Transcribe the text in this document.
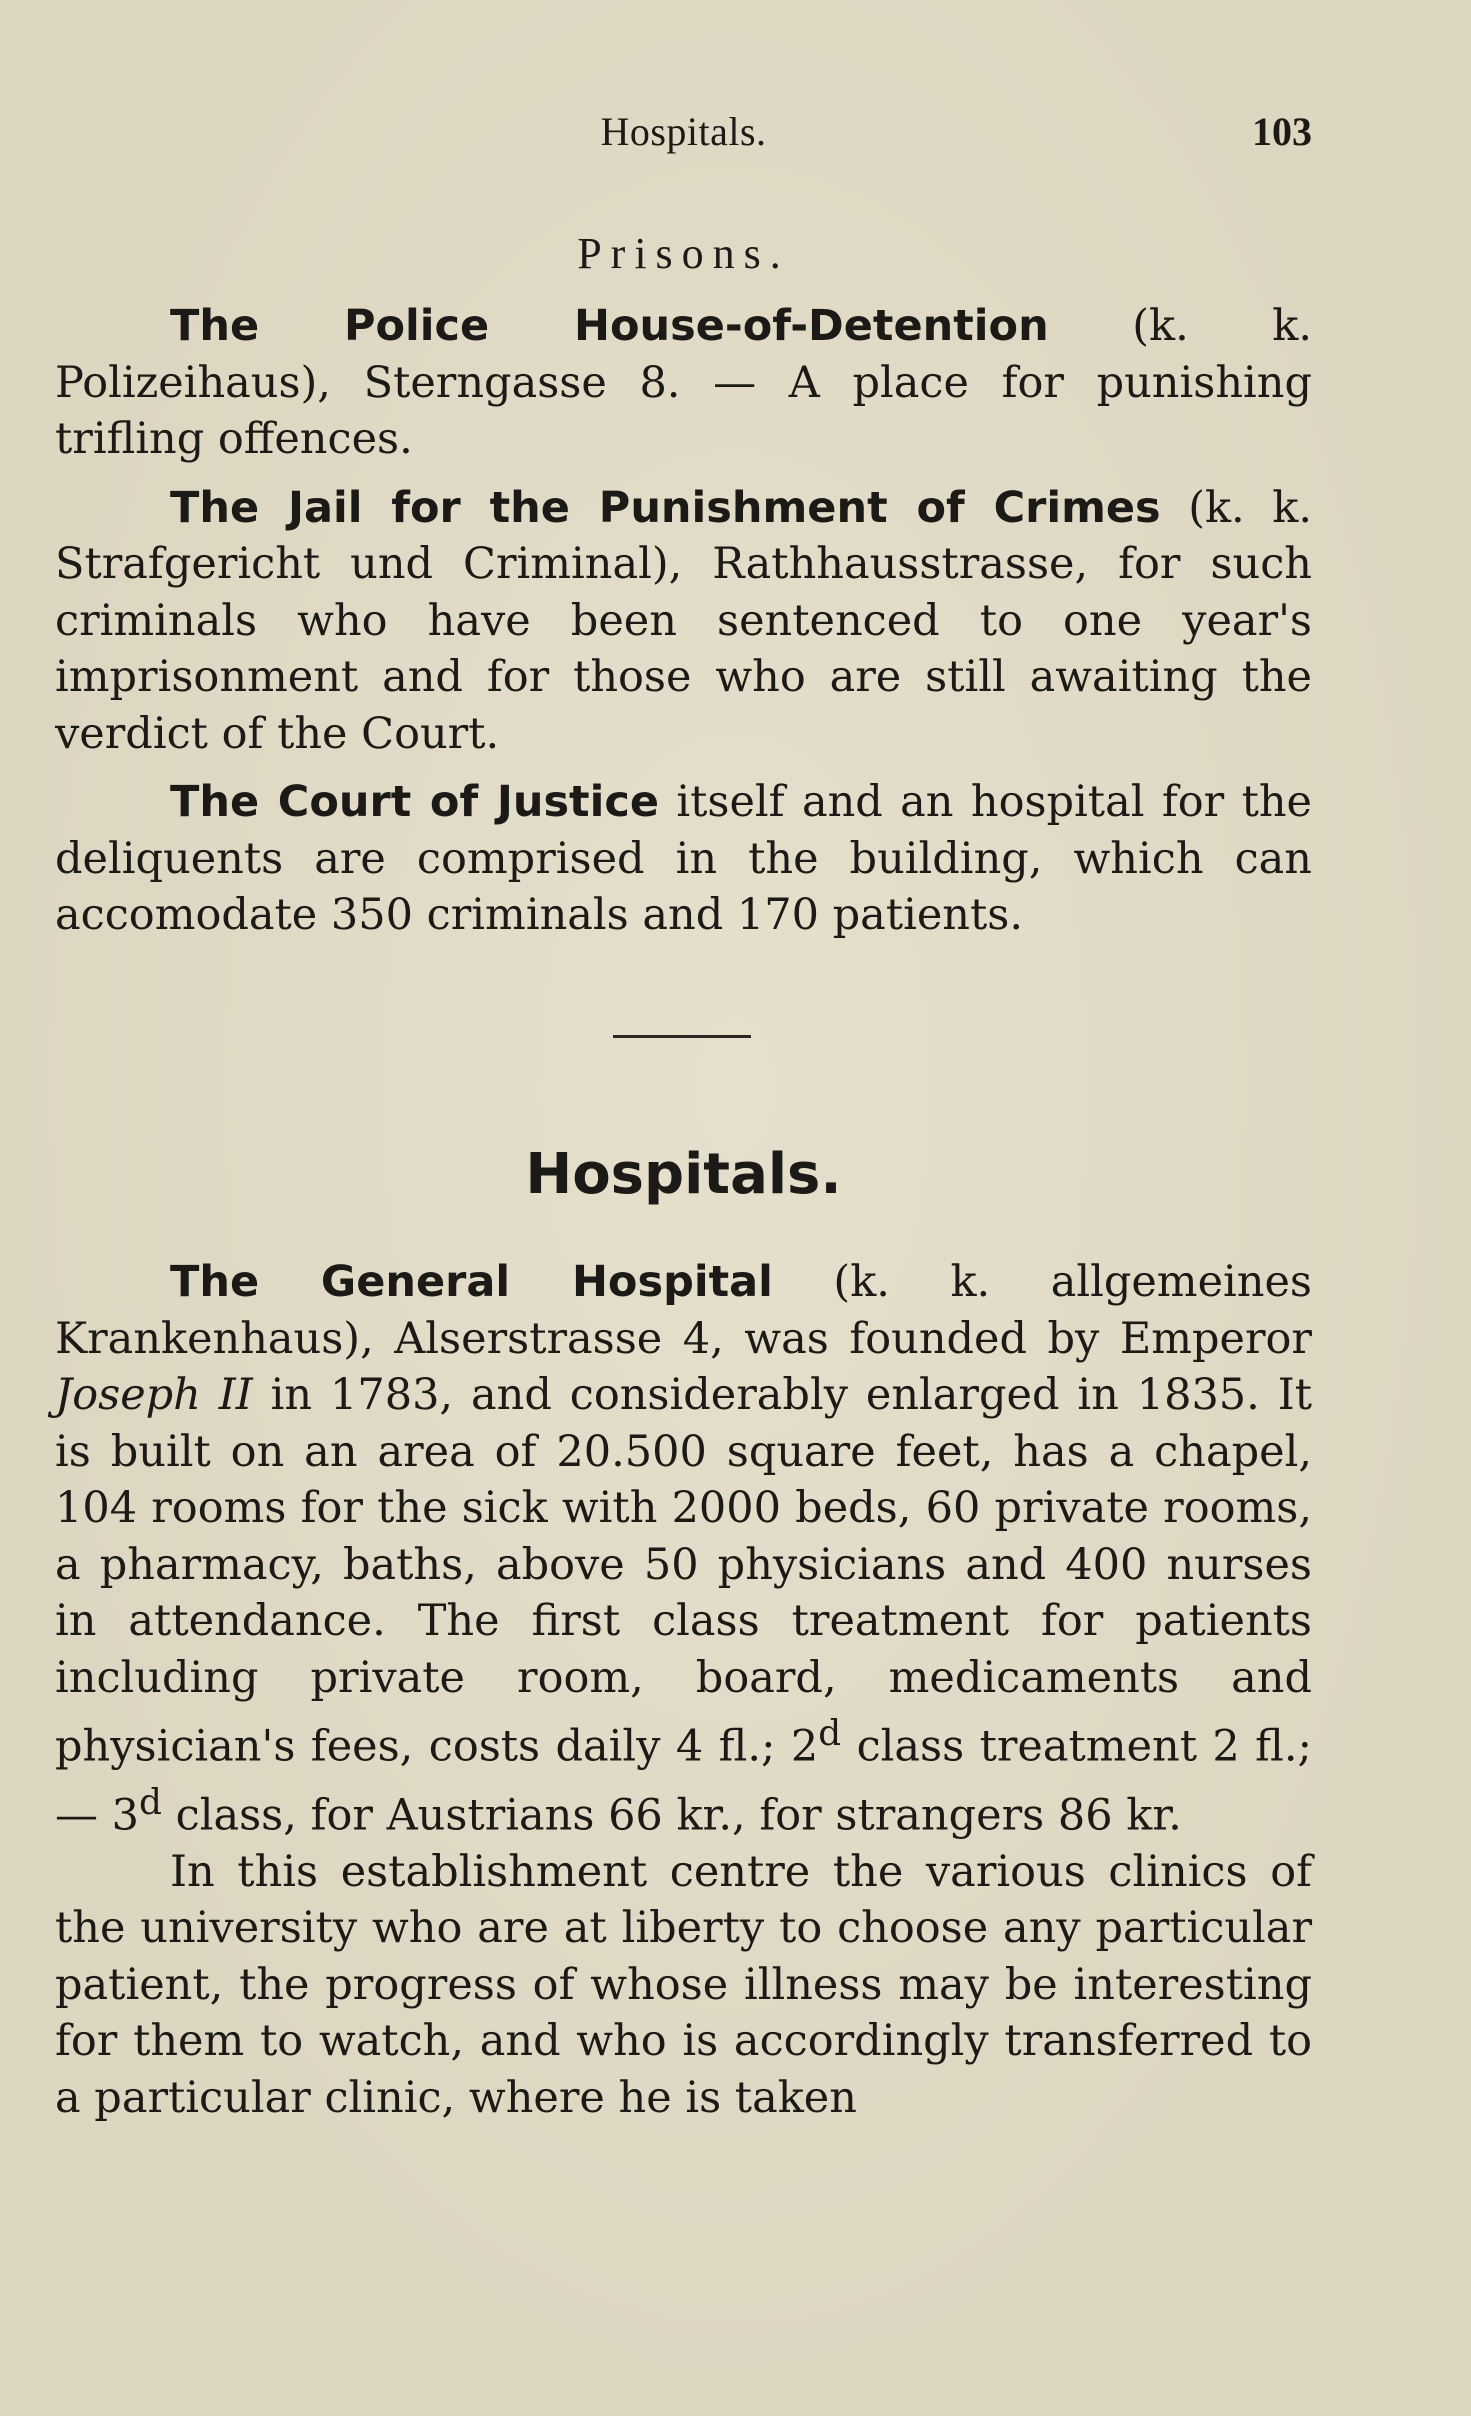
Hospitals.	103
Prisons.

The Police House-of-Detention (k. k. Polizeihaus), Sterngasse 8. — A place for punishing trifling offences.

The Jail for the Punishment of Crimes (k. k. Strafgericht und Criminal), Rathhausstrasse, for such criminals who have been sentenced to one year's imprisonment and for those who are still awaiting the verdict of the Court.

The Court of Justice itself and an hospital for the deliquents are comprised in the building, which can accomodate 350 criminals and 170 patients.

Hospitals.

The General Hospital (k. k. allgemeines Krankenhaus), Alserstrasse 4, was founded by Emperor Joseph II in 1783, and considerably enlarged in 1835. It is built on an area of 20.500 square feet, has a chapel, 104 rooms for the sick with 2000 beds, 60 private rooms, a pharmacy, baths, above 50 physicians and 400 nurses in attendance. The first class treatment for patients including private room, board, medicaments and physician's fees, costs daily 4 fl.; 2$^d$ class treatment 2 fl.; — 3$^d$ class, for Austrians 66 kr., for strangers 86 kr.

In this establishment centre the various clinics of the university who are at liberty to choose any particular patient, the progress of whose illness may be interesting for them to watch, and who is accordingly transferred to a particular clinic, where he is taken
